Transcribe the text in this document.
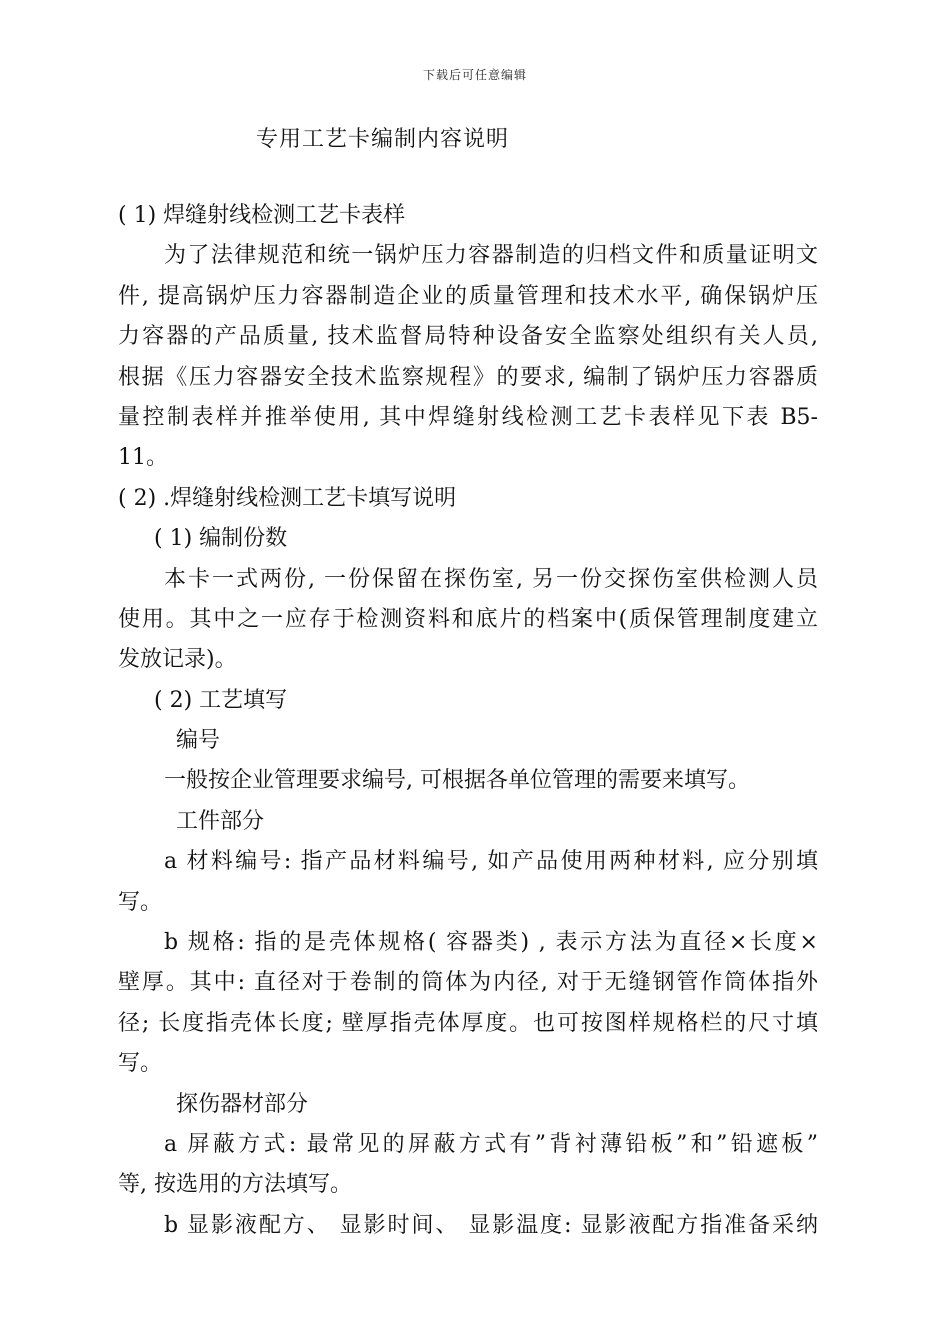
下载后可任意编辑
专用工艺卡编制内容说明
( 1) 焊缝射线检测工艺卡表样
为了法律规范和统一锅炉压力容器制造的归档文件和质量证明文
件, 提高锅炉压力容器制造企业的质量管理和技术水平, 确保锅炉压
力容器的产品质量, 技术监督局特种设备安全监察处组织有关人员,
根据《压力容器安全技术监察规程》的要求, 编制了锅炉压力容器质
量控制表样并推举使用, 其中焊缝射线检测工艺卡表样见下表 B5-
11。
( 2) .焊缝射线检测工艺卡填写说明
( 1) 编制份数
本卡一式两份, 一份保留在探伤室, 另一份交探伤室供检测人员
使用。其中之一应存于检测资料和底片的档案中(质保管理制度建立
发放记录)。
( 2) 工艺填写
编号
一般按企业管理要求编号, 可根据各单位管理的需要来填写。
工件部分
a 材料编号: 指产品材料编号, 如产品使用两种材料, 应分别填
写。
b 规格: 指的是壳体规格( 容器类) , 表示方法为直径×长度×
壁厚。其中: 直径对于卷制的筒体为内径, 对于无缝钢管作筒体指外
径; 长度指壳体长度; 壁厚指壳体厚度。也可按图样规格栏的尺寸填
写。
探伤器材部分
a 屏蔽方式: 最常见的屏蔽方式有”背衬薄铅板”和”铅遮板”
等, 按选用的方法填写。
b 显影液配方、 显影时间、 显影温度: 显影液配方指准备采纳
